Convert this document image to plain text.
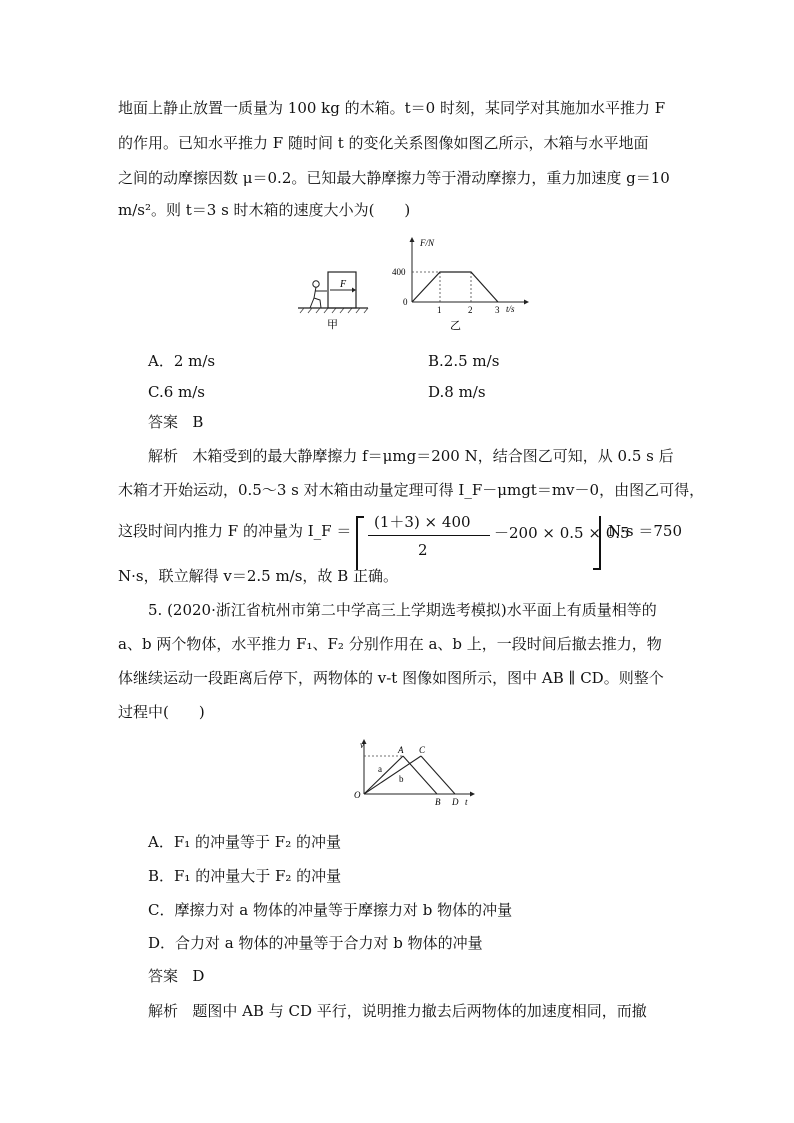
地面上静止放置一质量为 100 kg 的木箱。t＝0 时刻，某同学对其施加水平推力 F
的作用。已知水平推力 F 随时间 t 的变化关系图像如图乙所示，木箱与水平地面
之间的动摩擦因数 μ＝0.2。已知最大静摩擦力等于滑动摩擦力，重力加速度 g＝10
m/s²。则 t＝3 s 时木箱的速度大小为(　　)
F
甲
F/N
t/s
400
0
1	2	3
乙
A．2 m/s	B.2.5 m/s
C.6 m/s	D.8 m/s
答案 B
解析 木箱受到的最大静摩擦力 f＝μmg＝200 N，结合图乙可知，从 0.5 s 后
木箱才开始运动，0.5～3 s 对木箱由动量定理可得 I_F－μmgt＝mv－0，由图乙可得，
这段时间内推力 F 的冲量为 I_F ＝ (1＋3) × 400
2
－200 × 0.5 × 0.5
N·s ＝750
N·s，联立解得 v＝2.5 m/s，故 B 正确。
5. (2020·浙江省杭州市第二中学高三上学期选考模拟)水平面上有质量相等的
a、b 两个物体，水平推力 F₁、F₂ 分别作用在 a、b 上，一段时间后撤去推力，物
体继续运动一段距离后停下，两物体的 v-t 图像如图所示，图中 AB ∥ CD。则整个
过程中(　　)
v
t
O
A C
B D
a
b
A．F₁ 的冲量等于 F₂ 的冲量
B．F₁ 的冲量大于 F₂ 的冲量
C．摩擦力对 a 物体的冲量等于摩擦力对 b 物体的冲量
D．合力对 a 物体的冲量等于合力对 b 物体的冲量
答案 D
解析 题图中 AB 与 CD 平行，说明推力撤去后两物体的加速度相同，而撤
